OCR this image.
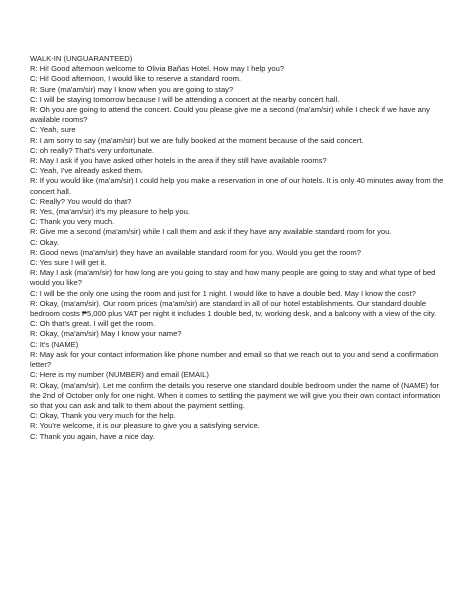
WALK-IN (UNGUARANTEED)

R: Hi! Good afternoon welcome to Olivia Bañas Hotel. How may I help you?

C: Hi! Good afternoon, I would like to reserve a standard room.

R: Sure (ma'am/sir) may I know when you are going to stay?

C: I will be staying tomorrow because I will be attending a concert at the nearby concert hall.

R: Oh you are going to attend the concert. Could you please give me a second (ma'am/sir) while I check if we have any available rooms?

C: Yeah, sure

R: I am sorry to say (ma'am/sir) but we are fully booked at the moment because of the said concert.

C: oh really? That's very unfortunate.

R: May I ask if you have asked other hotels in the area if they still have available rooms?

C: Yeah, I've already asked them.

R: If you would like (ma'am/sir) I could help you make a reservation in one of our hotels. It is only 40 minutes away from the concert hall.

C: Really? You would do that?

R: Yes, (ma'am/sir) it's my pleasure to help you.

C: Thank you very much.

R: Give me a second (ma'am/sir) while I call them and ask if they have any available standard room for you.

C: Okay.

R: Good news (ma'am/sir) they have an available standard room for you. Would you get the room?

C: Yes sure I will get it.

R: May I ask (ma'am/sir) for how long are you going to stay and how many people are going to stay and what type of bed would you like?

C: I will be the only one using the room and just for 1 night. I would like to have a double bed. May I know the cost?

R: Okay, (ma'am/sir). Our room prices (ma'am/sir) are standard in all of our hotel establishments. Our standard double bedroom costs ₱5,000 plus VAT per night it includes 1 double bed, tv, working desk, and a balcony with a view of the city.

C: Oh that's great. I will get the room.

R: Okay, (ma'am/sir) May I know your name?

C: It's (NAME)

R: May ask for your contact information like phone number and email so that we reach out to you and send a confirmation letter?

C: Here is my number (NUMBER) and email (EMAIL)

R: Okay, (ma'am/sir). Let me confirm the details you reserve one standard double bedroom under the name of (NAME) for the 2nd of October only for one night. When it comes to settling the payment we will give you their own contact information so that you can ask and talk to them about the payment settling.

C: Okay, Thank you very much for the help.

R: You're welcome, it is our pleasure to give you a satisfying service.

C: Thank you again, have a nice day.
